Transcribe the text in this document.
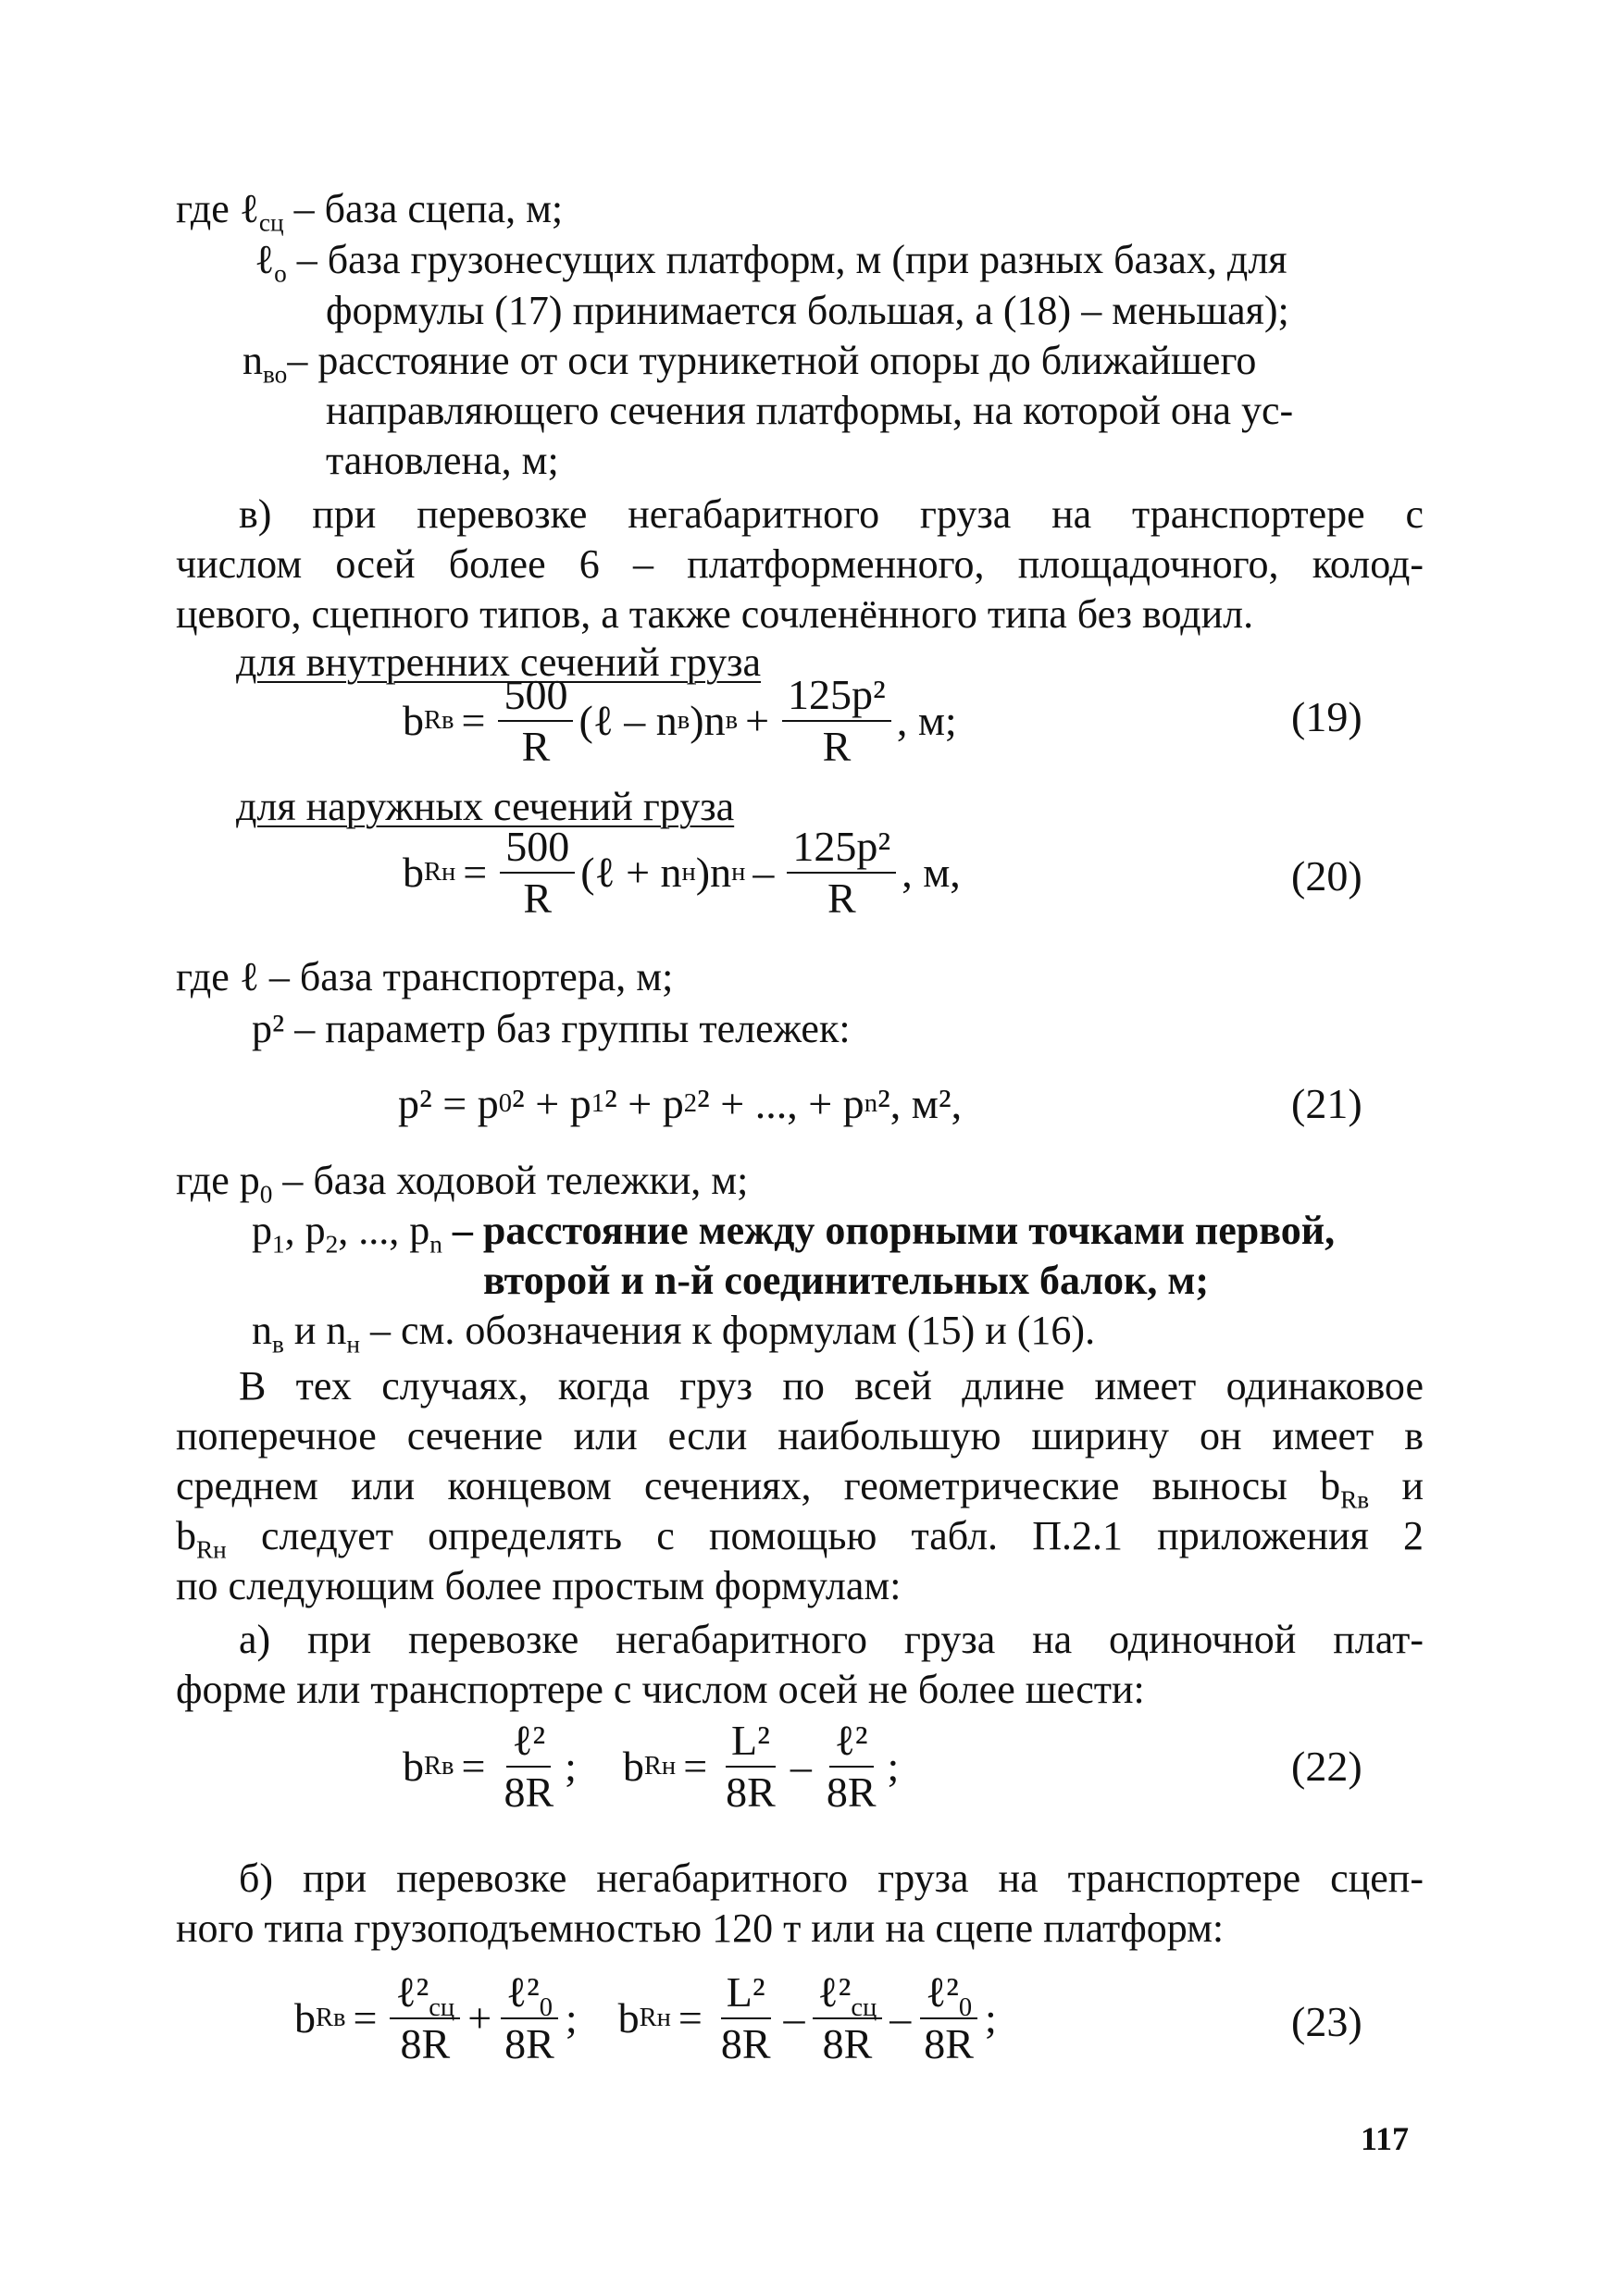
где ℓ$_{сц}$ – база сцепа, м;
ℓ$_о$ – база грузонесущих платформ, м (при разных базах, для
формулы (17) принимается большая, а (18) – меньшая);
$n_{во}-$ расстояние от оси турникетной опоры до ближайшего
направляющего сечения платформы, на которой она ус-
тановлена, м;
в) при перевозке негабаритного груза на транспортере с
числом осей более 6 – платформенного, площадочного, колод-
цевого, сцепного типов, а также сочленённого типа без водил.
для внутренних сечений груза
b Rв = $\frac{500}{R}$ (ℓ – n в )n $в + \frac{\text{125p²}}{R}$ , м;	(19)
для наружных сечений груза
b Rн = $\frac{500}{R}$ (ℓ + n н )n н – $\frac{\text{125p²}}{R}$ , м,	(20)
где ℓ – база транспортера, м;
p² – параметр баз группы тележек:
p² = p 0 ² + p 1 ² + p 2 ² + ..., + p n ², м²,	(21)
где $p_0$ – база ходовой тележки, м;
$p_1$, $p_2$, ..., $p_n$ – расстояние между опорными точками первой,
второй и n-й соединительных балок, м;
$n_в$ и $n_н$ – см. обозначения к формулам (15) и (16).
В тех случаях, когда груз по всей длине имеет одинаковое
поперечное сечение или если наибольшую ширину он имеет в
среднем или концевом сечениях, геометрические выносы $b_{Rв}$ и
$b_{Rн}$ следует определять с помощью табл. П.2.1 приложения 2
по следующим более простым формулам:
а) при перевозке негабаритного груза на одиночной плат-
форме или транспортере с числом осей не более шести:
b Rв = $\frac{\text{ℓ²}}{8R}$ ; b Rн = $\frac{\text{L²}}{8R} - \frac{\text{ℓ²}}{8R}$ ;	(22)
б) при перевозке негабаритного груза на транспортере сцеп-
ного типа грузоподъемностью 120 т или на сцепе платформ:
b Rв = $\frac{\ell^2_{сц}}{8R} + \frac{\ell^2_0}{8R}$ ; b Rн = $\frac{\text{L²}}{8R} - \frac{\ell^2_{сц}}{8R} - \frac{\ell^2_0}{8R}$ ;	(23)
117
